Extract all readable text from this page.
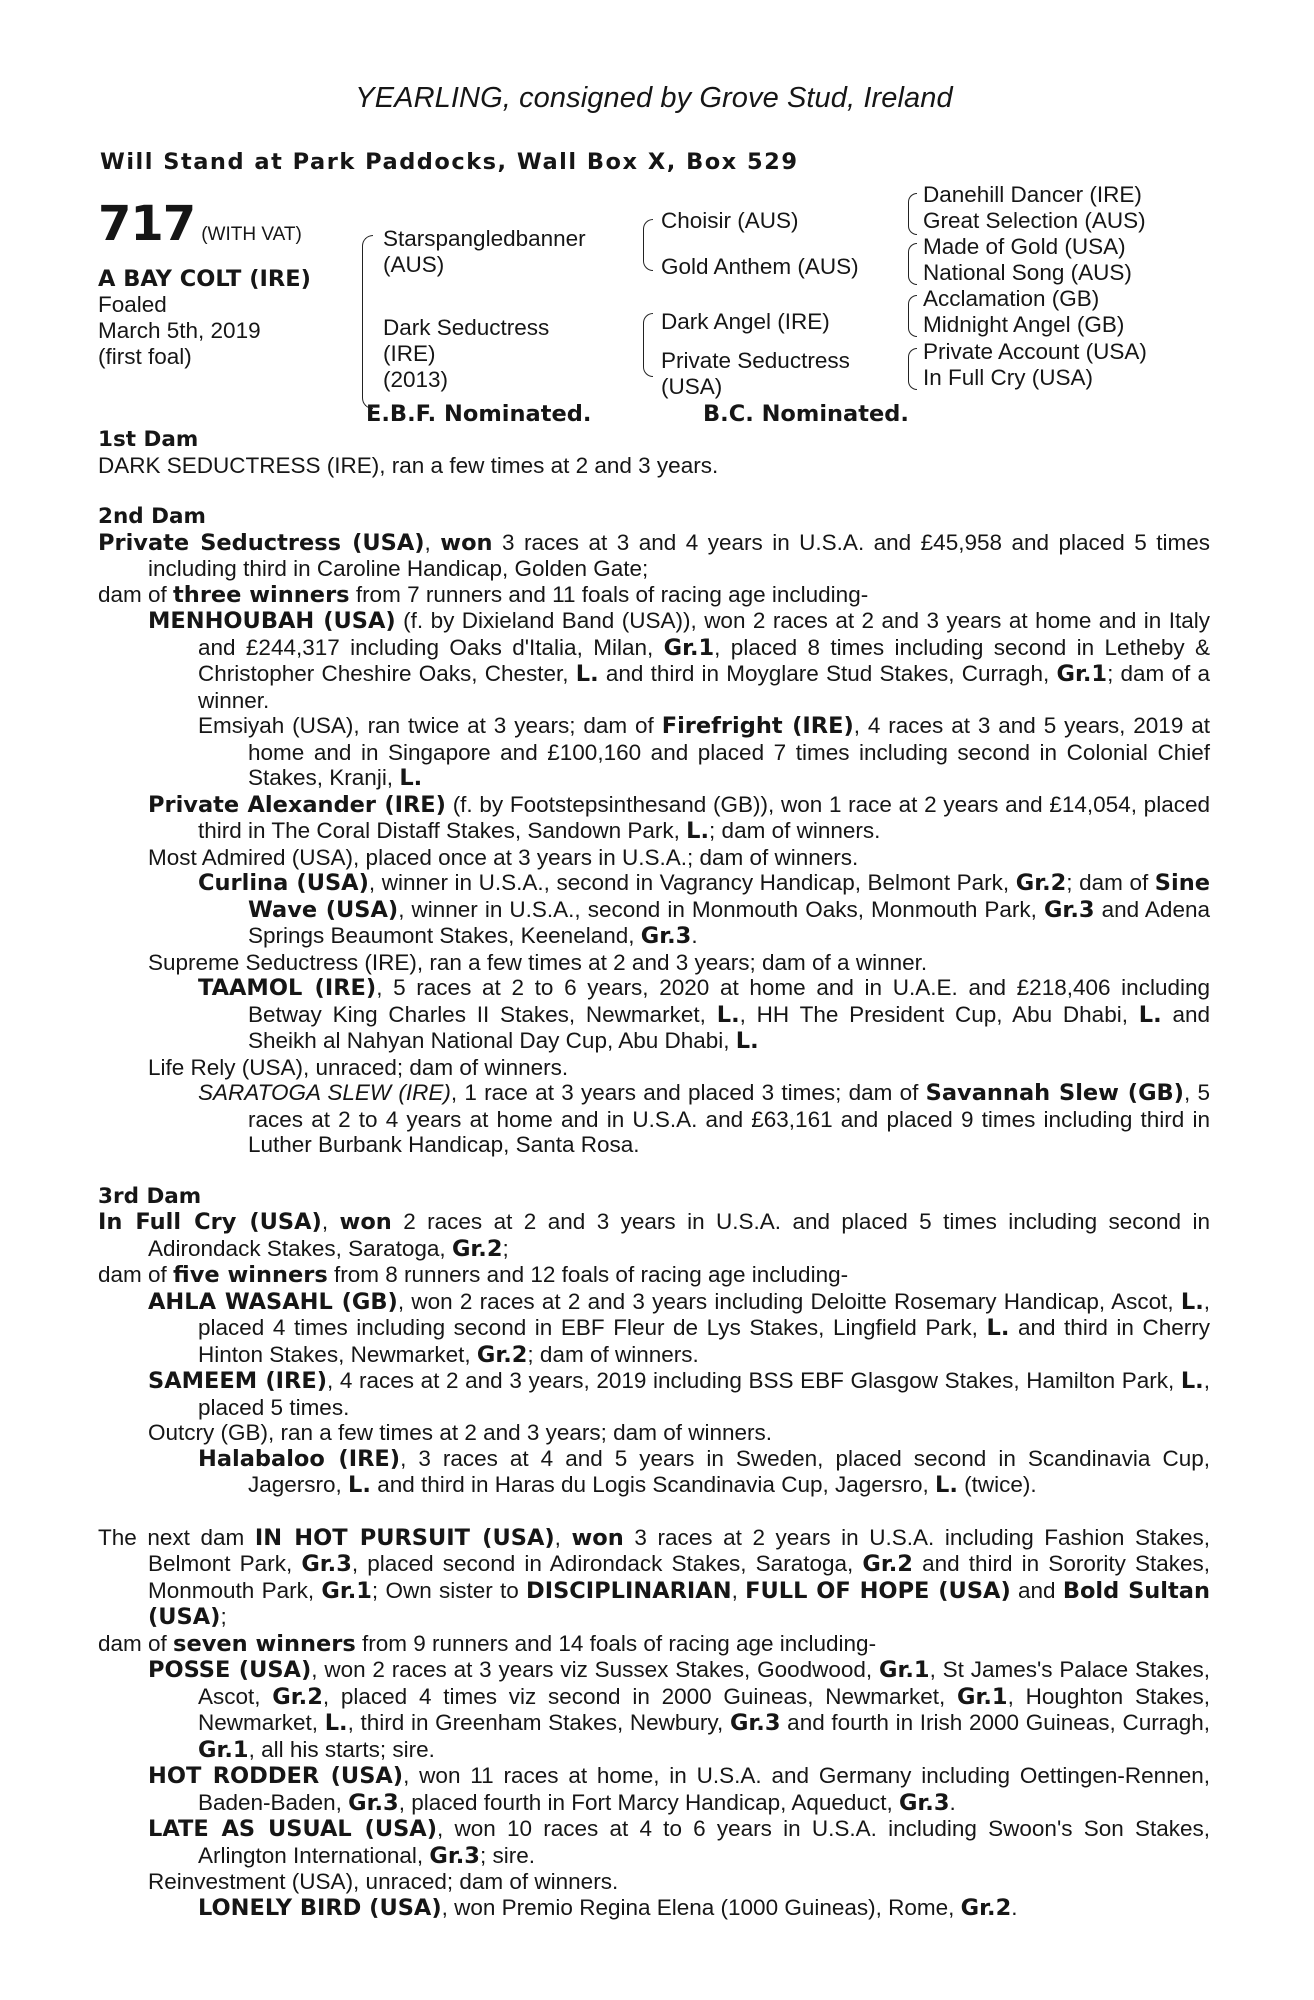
YEARLING, consigned by Grove Stud, Ireland
Will Stand at Park Paddocks, Wall Box X, Box 529
717 (WITH VAT)
A BAY COLT (IRE)
Foaled
March 5th, 2019
(first foal)
Starspangledbanner
(AUS)
Dark Seductress
(IRE)
(2013)
Choisir (AUS)
Gold Anthem (AUS)
Dark Angel (IRE)
Private Seductress
(USA)
Danehill Dancer (IRE)
Great Selection (AUS)
Made of Gold (USA)
National Song (AUS)
Acclamation (GB)
Midnight Angel (GB)
Private Account (USA)
In Full Cry (USA)
E.B.F. Nominated.	B.C. Nominated.

1st Dam

DARK SEDUCTRESS (IRE), ran a few times at 2 and 3 years.

2nd Dam

Private Seductress (USA), won 3 races at 3 and 4 years in U.S.A. and £45,958 and placed 5 times including third in Caroline Handicap, Golden Gate;

dam of three winners from 7 runners and 11 foals of racing age including-

MENHOUBAH (USA) (f. by Dixieland Band (USA)), won 2 races at 2 and 3 years at home and in Italy and £244,317 including Oaks d'Italia, Milan, Gr.1, placed 8 times including second in Letheby & Christopher Cheshire Oaks, Chester, L. and third in Moyglare Stud Stakes, Curragh, Gr.1; dam of a winner.

Emsiyah (USA), ran twice at 3 years; dam of Firefright (IRE), 4 races at 3 and 5 years, 2019 at home and in Singapore and £100,160 and placed 7 times including second in Colonial Chief Stakes, Kranji, L.

Private Alexander (IRE) (f. by Footstepsinthesand (GB)), won 1 race at 2 years and £14,054, placed third in The Coral Distaff Stakes, Sandown Park, L.; dam of winners.

Most Admired (USA), placed once at 3 years in U.S.A.; dam of winners.

Curlina (USA), winner in U.S.A., second in Vagrancy Handicap, Belmont Park, Gr.2; dam of Sine Wave (USA), winner in U.S.A., second in Monmouth Oaks, Monmouth Park, Gr.3 and Adena Springs Beaumont Stakes, Keeneland, Gr.3.

Supreme Seductress (IRE), ran a few times at 2 and 3 years; dam of a winner.

TAAMOL (IRE), 5 races at 2 to 6 years, 2020 at home and in U.A.E. and £218,406 including Betway King Charles II Stakes, Newmarket, L., HH The President Cup, Abu Dhabi, L. and Sheikh al Nahyan National Day Cup, Abu Dhabi, L.

Life Rely (USA), unraced; dam of winners.

SARATOGA SLEW (IRE), 1 race at 3 years and placed 3 times; dam of Savannah Slew (GB), 5 races at 2 to 4 years at home and in U.S.A. and £63,161 and placed 9 times including third in Luther Burbank Handicap, Santa Rosa.

3rd Dam

In Full Cry (USA), won 2 races at 2 and 3 years in U.S.A. and placed 5 times including second in Adirondack Stakes, Saratoga, Gr.2;

dam of five winners from 8 runners and 12 foals of racing age including-

AHLA WASAHL (GB), won 2 races at 2 and 3 years including Deloitte Rosemary Handicap, Ascot, L., placed 4 times including second in EBF Fleur de Lys Stakes, Lingfield Park, L. and third in Cherry Hinton Stakes, Newmarket, Gr.2; dam of winners.

SAMEEM (IRE), 4 races at 2 and 3 years, 2019 including BSS EBF Glasgow Stakes, Hamilton Park, L., placed 5 times.

Outcry (GB), ran a few times at 2 and 3 years; dam of winners.

Halabaloo (IRE), 3 races at 4 and 5 years in Sweden, placed second in Scandinavia Cup, Jagersro, L. and third in Haras du Logis Scandinavia Cup, Jagersro, L. (twice).

The next dam IN HOT PURSUIT (USA), won 3 races at 2 years in U.S.A. including Fashion Stakes, Belmont Park, Gr.3, placed second in Adirondack Stakes, Saratoga, Gr.2 and third in Sorority Stakes, Monmouth Park, Gr.1; Own sister to DISCIPLINARIAN, FULL OF HOPE (USA) and Bold Sultan (USA);

dam of seven winners from 9 runners and 14 foals of racing age including-

POSSE (USA), won 2 races at 3 years viz Sussex Stakes, Goodwood, Gr.1, St James's Palace Stakes, Ascot, Gr.2, placed 4 times viz second in 2000 Guineas, Newmarket, Gr.1, Houghton Stakes, Newmarket, L., third in Greenham Stakes, Newbury, Gr.3 and fourth in Irish 2000 Guineas, Curragh, Gr.1, all his starts; sire.

HOT RODDER (USA), won 11 races at home, in U.S.A. and Germany including Oettingen-Rennen, Baden-Baden, Gr.3, placed fourth in Fort Marcy Handicap, Aqueduct, Gr.3.

LATE AS USUAL (USA), won 10 races at 4 to 6 years in U.S.A. including Swoon's Son Stakes, Arlington International, Gr.3; sire.

Reinvestment (USA), unraced; dam of winners.

LONELY BIRD (USA), won Premio Regina Elena (1000 Guineas), Rome, Gr.2.
